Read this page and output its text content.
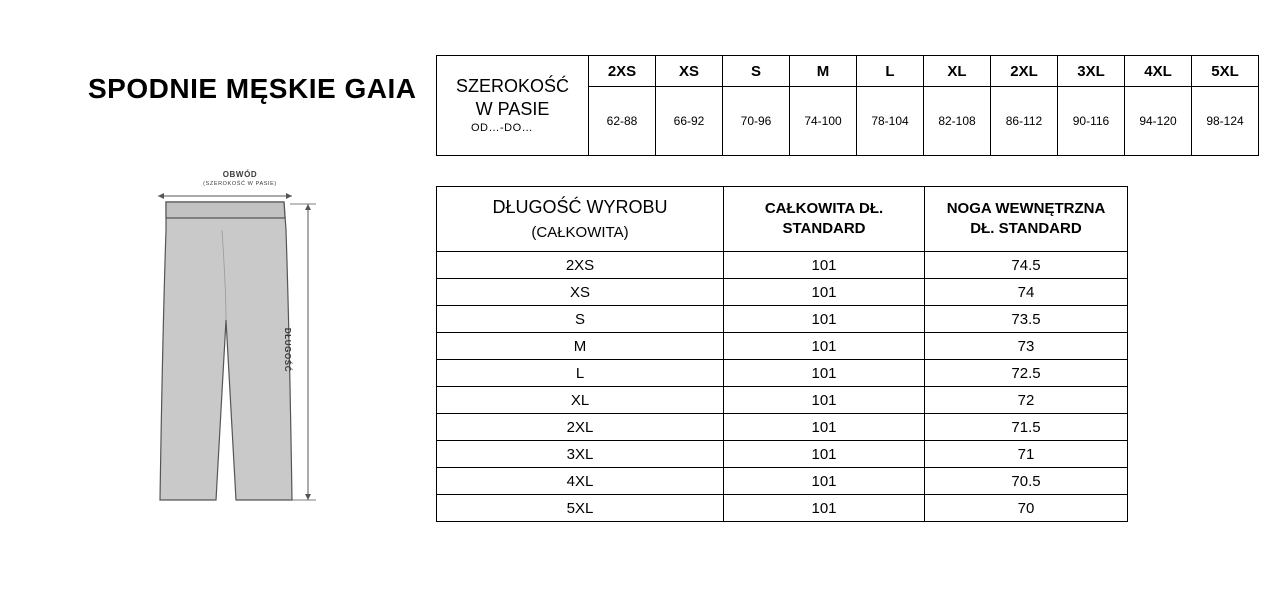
SPODNIE MĘSKIE GAIA
OBWÓD
(SZEROKOŚĆ W PASIE)
DŁUGOŚĆ
SZEROKOŚĆ
W PASIE
OD…-DO…	2XS	XS	S	M	L	XL	2XL	3XL	4XL	5XL
	62-88	66-92	70-96	74-100	78-104	82-108	86-112	90-116	94-120	98-124
DŁUGOŚĆ WYROBU
(CAŁKOWITA)	CAŁKOWITA DŁ. STANDARD	NOGA WEWNĘTRZNA DŁ. STANDARD
2XS	101	74.5
XS	101	74
S	101	73.5
M	101	73
L	101	72.5
XL	101	72
2XL	101	71.5
3XL	101	71
4XL	101	70.5
5XL	101	70
